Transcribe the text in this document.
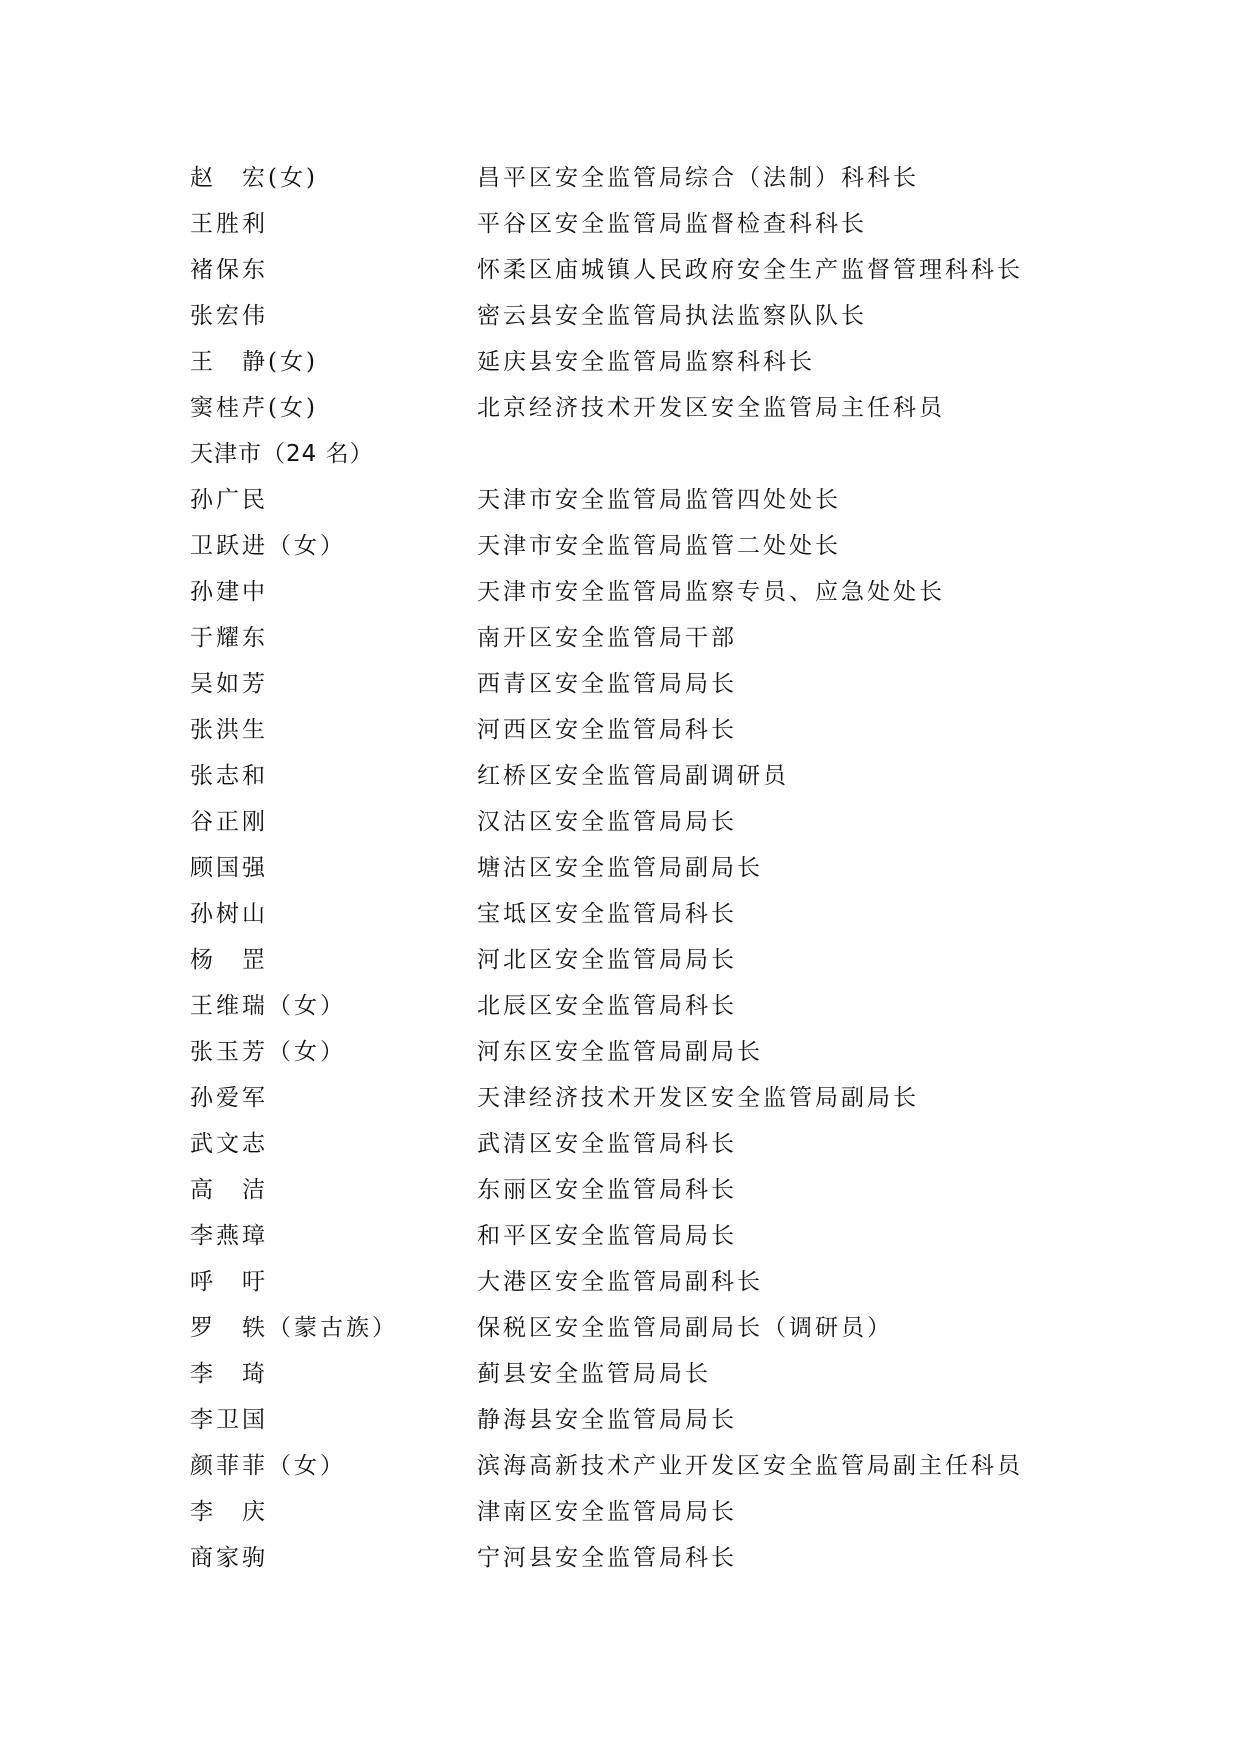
赵　宏(女)	昌平区安全监管局综合（法制）科科长
王胜利	平谷区安全监管局监督检查科科长
褚保东	怀柔区庙城镇人民政府安全生产监督管理科科长
张宏伟	密云县安全监管局执法监察队队长
王　静(女)	延庆县安全监管局监察科科长
窦桂芹(女)	北京经济技术开发区安全监管局主任科员
天津市（24 名）
孙广民	天津市安全监管局监管四处处长
卫跃进（女）	天津市安全监管局监管二处处长
孙建中	天津市安全监管局监察专员、应急处处长
于耀东	南开区安全监管局干部
吴如芳	西青区安全监管局局长
张洪生	河西区安全监管局科长
张志和	红桥区安全监管局副调研员
谷正刚	汉沽区安全监管局局长
顾国强	塘沽区安全监管局副局长
孙树山	宝坻区安全监管局科长
杨　罡	河北区安全监管局局长
王维瑞（女）	北辰区安全监管局科长
张玉芳（女）	河东区安全监管局副局长
孙爱军	天津经济技术开发区安全监管局副局长
武文志	武清区安全监管局科长
高　洁	东丽区安全监管局科长
李燕璋	和平区安全监管局局长
呼　吁	大港区安全监管局副科长
罗　轶（蒙古族）	保税区安全监管局副局长（调研员）
李　琦	蓟县安全监管局局长
李卫国	静海县安全监管局局长
颜菲菲（女）	滨海高新技术产业开发区安全监管局副主任科员
李　庆	津南区安全监管局局长
商家驹	宁河县安全监管局科长
